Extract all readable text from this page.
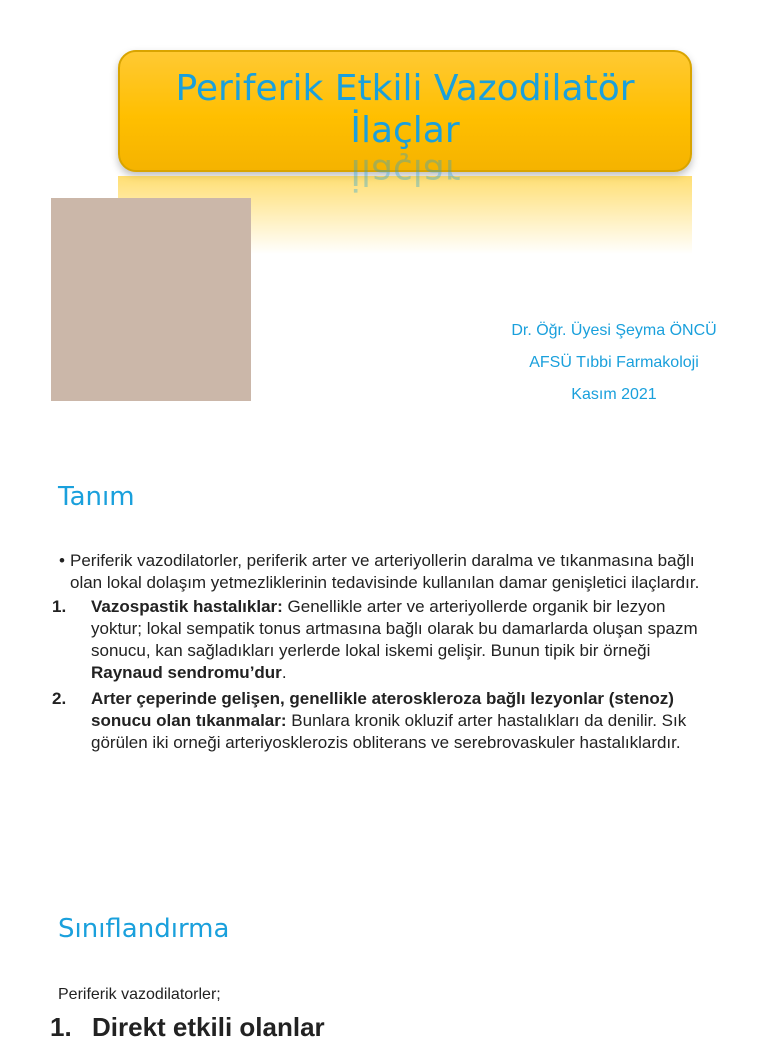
Periferik Etkili Vazodilatör
İlaçlar
İlaçlar
Dr. Öğr. Üyesi Şeyma ÖNCÜ
AFSÜ Tıbbi Farmakoloji
Kasım 2021
Tanım
• Periferik vazodilatorler, periferik arter ve arteriyollerin daralma ve tıkanmasına bağlı olan lokal dolaşım yetmezliklerinin tedavisinde kullanılan damar genişletici ilaçlardır.
1. Vazospastik hastalıklar: Genellikle arter ve arteriyollerde organik bir lezyon yoktur; lokal sempatik tonus artmasına bağlı olarak bu damarlarda oluşan spazm sonucu, kan sağladıkları yerlerde lokal iskemi gelişir. Bunun tipik bir örneği Raynaud sendromu’dur.
2. Arter çeperinde gelişen, genellikle ateroskleroza bağlı lezyonlar (stenoz) sonucu olan tıkanmalar: Bunlara kronik okluzif arter hastalıkları da denilir. Sık görülen iki orneği arteriyosklerozis obliterans ve serebrovaskuler hastalıklardır.
Sınıflandırma
Periferik vazodilatorler;
1. Direkt etkili olanlar
